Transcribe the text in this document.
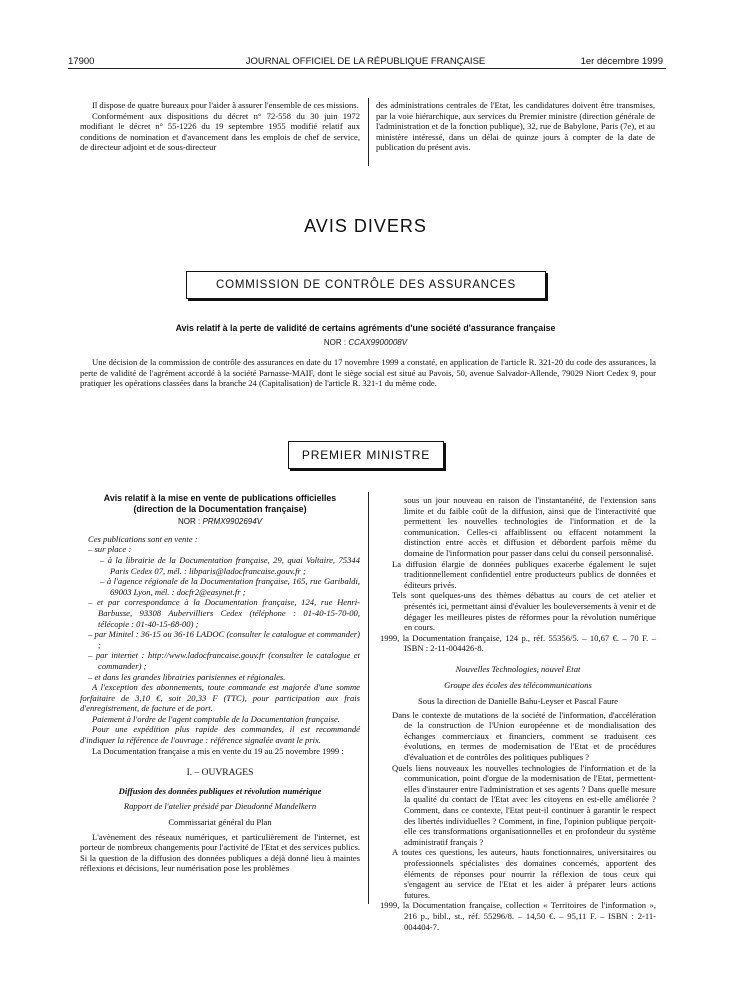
17900	JOURNAL OFFICIEL DE LA RÉPUBLIQUE FRANÇAISE	1er décembre 1999

Il dispose de quatre bureaux pour l'aider à assurer l'ensemble de ces missions.

Conformément aux dispositions du décret n° 72-558 du 30 juin 1972 modifiant le décret n° 55-1226 du 19 septembre 1955 modifié relatif aux conditions de nomination et d'avancement dans les emplois de chef de service, de directeur adjoint et de sous-directeur

des administrations centrales de l'Etat, les candidatures doivent être transmises, par la voie hiérarchique, aux services du Premier ministre (direction générale de l'administration et de la fonction publique), 32, rue de Babylone, Paris (7e), et au ministère intéressé, dans un délai de quinze jours à compter de la date de publication du présent avis.

AVIS DIVERS
COMMISSION DE CONTRÔLE DES ASSURANCES
Avis relatif à la perte de validité de certains agréments d'une société d'assurance française
NOR : CCAX9900008V

Une décision de la commission de contrôle des assurances en date du 17 novembre 1999 a constaté, en application de l'article R. 321-20 du code des assurances, la perte de validité de l'agrément accordé à la société Parnasse-MAIF, dont le siège social est situé au Pavois, 50, avenue Salvador-Allende, 79029 Niort Cedex 9, pour pratiquer les opérations classées dans la branche 24 (Capitalisation) de l'article R. 321-1 du même code.

PREMIER MINISTRE
Avis relatif à la mise en vente de publications officielles
(direction de la Documentation française)
NOR : PRMX9902694V

Ces publications sont en vente :

– sur place :
– à la librairie de la Documentation française, 29, quai Voltaire, 75344 Paris Cedex 07, mél. : libparis@ladocfrancaise.gouv.fr ;
– à l'agence régionale de la Documentation française, 165, rue Garibaldi, 69003 Lyon, mél. : docfr2@easynet.fr ;
– et par correspondance à la Documentation française, 124, rue Henri-Barbusse, 93308 Aubervilliers Cedex (téléphone : 01-40-15-70-00, télécopie : 01-40-15-68-00) ;
– par Minitel : 36-15 ou 36-16 LADOC (consulter le catalogue et commander) ;
– par internet : http://www.ladocfrancaise.gouv.fr (consulter le catalogue et commander) ;
– et dans les grandes librairies parisiennes et régionales.

A l'exception des abonnements, toute commande est majorée d'une somme forfaitaire de 3,10 €, soit 20,33 F (TTC), pour participation aux frais d'enregistrement, de facture et de port.

Paiement à l'ordre de l'agent comptable de la Documentation française.

Pour une expédition plus rapide des commandes, il est recommandé d'indiquer la référence de l'ouvrage : référence signalée avant le prix.

La Documentation française a mis en vente du 19 au 25 novembre 1999 :

I. – OUVRAGES

Diffusion des données publiques et révolution numérique

Rapport de l'atelier présidé par Dieudonné Mandelkern

Commissariat général du Plan

L'avènement des réseaux numériques, et particulièrement de l'internet, est porteur de nombreux changements pour l'activité de l'Etat et des services publics. Si la question de la diffusion des données publiques a déjà donné lieu à maintes réflexions et décisions, leur numérisation pose les problèmes

sous un jour nouveau en raison de l'instantanéité, de l'extension sans limite et du faible coût de la diffusion, ainsi que de l'interactivité que permettent les nouvelles technologies de l'information et de la communication. Celles-ci affaiblissent ou effacent notamment la distinction entre accès et diffusion et débordent parfois même du domaine de l'information pour passer dans celui du conseil personnalisé.

La diffusion élargie de données publiques exacerbe également le sujet traditionnellement confidentiel entre producteurs publics de données et éditeurs privés.

Tels sont quelques-uns des thèmes débattus au cours de cet atelier et présentés ici, permettant ainsi d'évaluer les bouleversements à venir et de dégager les meilleures pistes de réformes pour la révolution numérique en cours.

1999, la Documentation française, 124 p., réf. 55356/5. – 10,67 €. – 70 F. – ISBN : 2-11-004426-8.

Nouvelles Technologies, nouvel Etat

Groupe des écoles des télécommunications

Sous la direction de Danielle Bahu-Leyser et Pascal Faure

Dans le contexte de mutations de la société de l'information, d'accélération de la construction de l'Union européenne et de mondialisation des échanges commerciaux et financiers, comment se traduisent ces évolutions, en termes de modernisation de l'Etat et de procédures d'évaluation et de contrôles des politiques publiques ?

Quels liens nouveaux les nouvelles technologies de l'information et de la communication, point d'orgue de la modernisation de l'Etat, permettent-elles d'instaurer entre l'administration et ses agents ? Dans quelle mesure la qualité du contact de l'Etat avec les citoyens en est-elle améliorée ? Comment, dans ce contexte, l'Etat peut-il continuer à garantir le respect des libertés individuelles ? Comment, in fine, l'opinion publique perçoit-elle ces transformations organisationnelles et en profondeur du système administratif français ?

A toutes ces questions, les auteurs, hauts fonctionnaires, universitaires ou professionnels spécialistes des domaines concernés, apportent des éléments de réponses pour nourrir la réflexion de tous ceux qui s'engagent au service de l'Etat et les aider à préparer leurs actions futures.

1999, la Documentation française, collection « Territoires de l'information », 216 p., bibl., st., réf. 55296/8. – 14,50 €. – 95,11 F. – ISBN : 2-11-004404-7.
